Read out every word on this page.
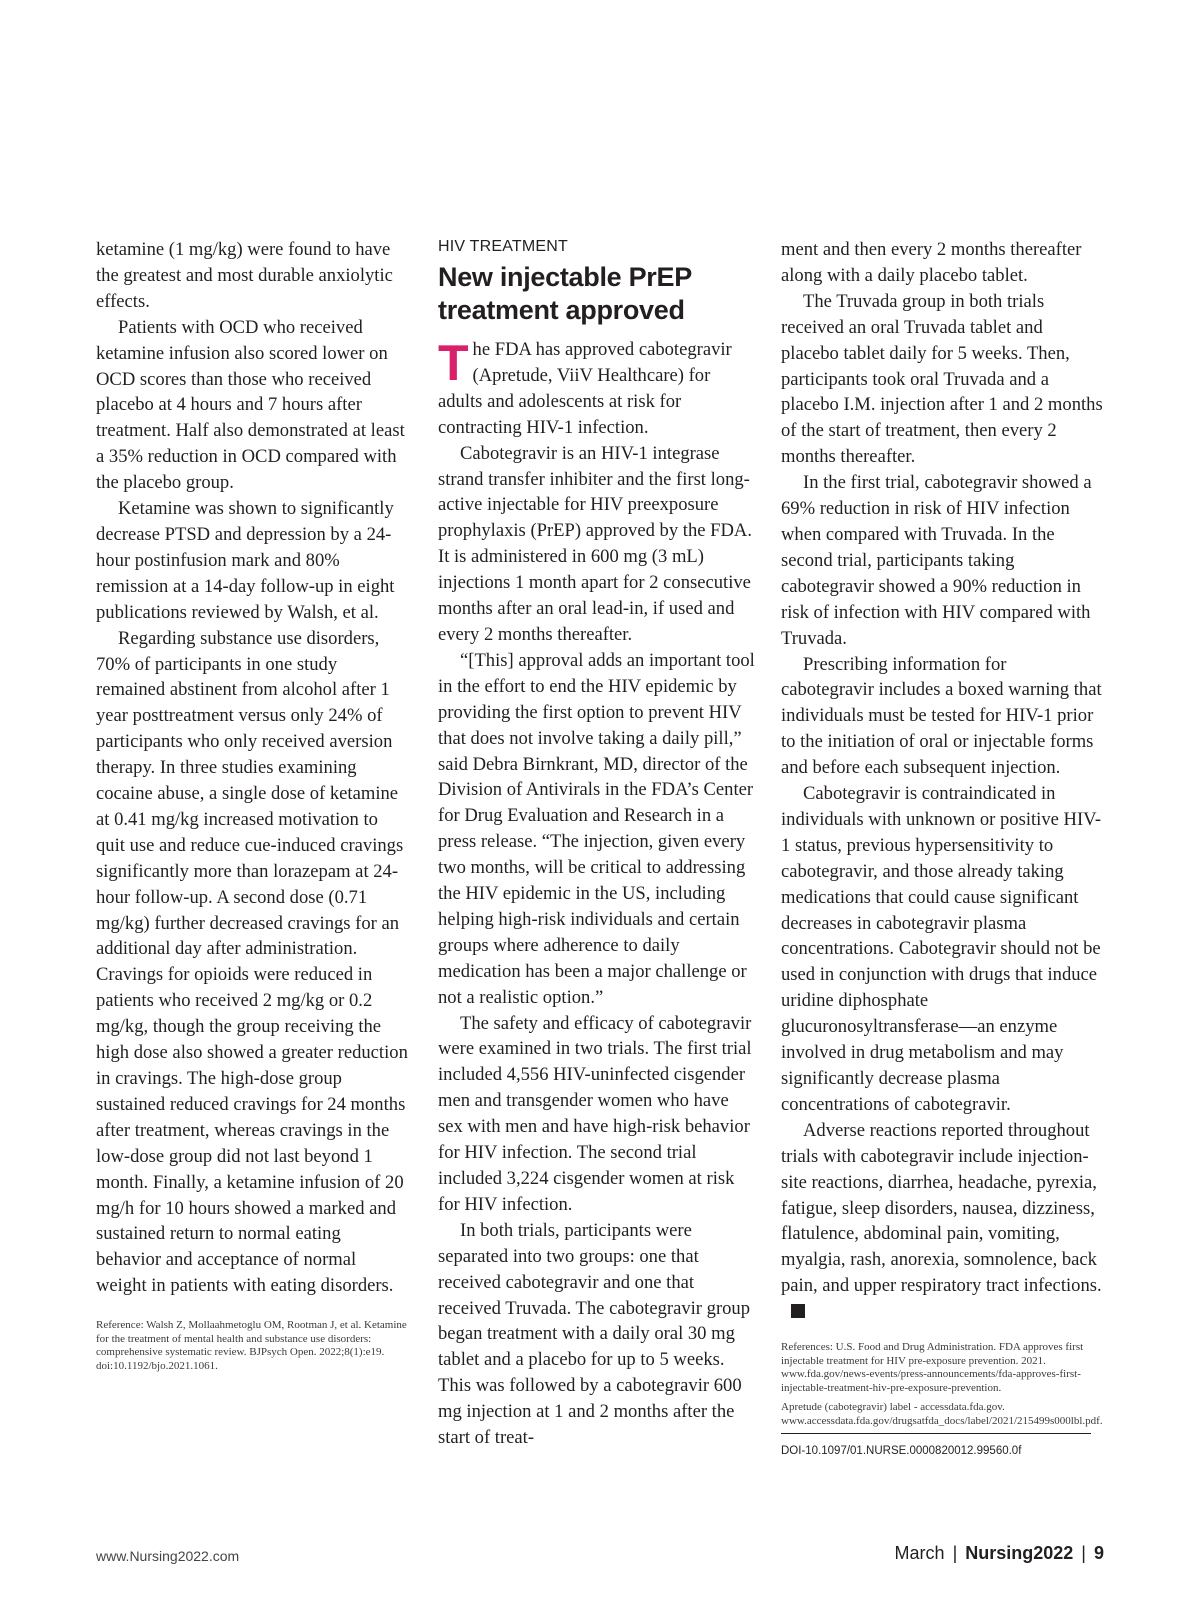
ketamine (1 mg/kg) were found to have the greatest and most durable anxiolytic effects.

Patients with OCD who received ketamine infusion also scored lower on OCD scores than those who received placebo at 4 hours and 7 hours after treatment. Half also demonstrated at least a 35% reduction in OCD compared with the placebo group.

Ketamine was shown to significantly decrease PTSD and depression by a 24-hour postinfusion mark and 80% remission at a 14-day follow-up in eight publications reviewed by Walsh, et al.

Regarding substance use disorders, 70% of participants in one study remained abstinent from alcohol after 1 year posttreatment versus only 24% of participants who only received aversion therapy. In three studies examining cocaine abuse, a single dose of ketamine at 0.41 mg/kg increased motivation to quit use and reduce cue-induced cravings significantly more than lorazepam at 24-hour follow-up. A second dose (0.71 mg/kg) further decreased cravings for an additional day after administration. Cravings for opioids were reduced in patients who received 2 mg/kg or 0.2 mg/kg, though the group receiving the high dose also showed a greater reduction in cravings. The high-dose group sustained reduced cravings for 24 months after treatment, whereas cravings in the low-dose group did not last beyond 1 month. Finally, a ketamine infusion of 20 mg/h for 10 hours showed a marked and sustained return to normal eating behavior and acceptance of normal weight in patients with eating disorders.

Reference: Walsh Z, Mollaahmetoglu OM, Rootman J, et al. Ketamine for the treatment of mental health and substance use disorders: comprehensive systematic review. BJPsych Open. 2022;8(1):e19. doi:10.1192/bjo.2021.1061.

HIV TREATMENT
New injectable PrEP treatment approved

The FDA has approved cabotegravir (Apretude, ViiV Healthcare) for adults and adolescents at risk for contracting HIV-1 infection.

Cabotegravir is an HIV-1 integrase strand transfer inhibiter and the first long-active injectable for HIV preexposure prophylaxis (PrEP) approved by the FDA. It is administered in 600 mg (3 mL) injections 1 month apart for 2 consecutive months after an oral lead-in, if used and every 2 months thereafter.

“[This] approval adds an important tool in the effort to end the HIV epidemic by providing the first option to prevent HIV that does not involve taking a daily pill,” said Debra Birnkrant, MD, director of the Division of Antivirals in the FDA’s Center for Drug Evaluation and Research in a press release. “The injection, given every two months, will be critical to addressing the HIV epidemic in the US, including helping high-risk individuals and certain groups where adherence to daily medication has been a major challenge or not a realistic option.”

The safety and efficacy of cabotegravir were examined in two trials. The first trial included 4,556 HIV-uninfected cisgender men and transgender women who have sex with men and have high-risk behavior for HIV infection. The second trial included 3,224 cisgender women at risk for HIV infection.

In both trials, participants were separated into two groups: one that received cabotegravir and one that received Truvada. The cabotegravir group began treatment with a daily oral 30 mg tablet and a placebo for up to 5 weeks. This was followed by a cabotegravir 600 mg injection at 1 and 2 months after the start of treat-

ment and then every 2 months thereafter along with a daily placebo tablet.

The Truvada group in both trials received an oral Truvada tablet and placebo tablet daily for 5 weeks. Then, participants took oral Truvada and a placebo I.M. injection after 1 and 2 months of the start of treatment, then every 2 months thereafter.

In the first trial, cabotegravir showed a 69% reduction in risk of HIV infection when compared with Truvada. In the second trial, participants taking cabotegravir showed a 90% reduction in risk of infection with HIV compared with Truvada.

Prescribing information for cabotegravir includes a boxed warning that individuals must be tested for HIV-1 prior to the initiation of oral or injectable forms and before each subsequent injection.

Cabotegravir is contraindicated in individuals with unknown or positive HIV-1 status, previous hypersensitivity to cabotegravir, and those already taking medications that could cause significant decreases in cabotegravir plasma concentrations. Cabotegravir should not be used in conjunction with drugs that induce uridine diphosphate glucuronosyltransferase—an enzyme involved in drug metabolism and may significantly decrease plasma concentrations of cabotegravir.

Adverse reactions reported throughout trials with cabotegravir include injection-site reactions, diarrhea, headache, pyrexia, fatigue, sleep disorders, nausea, dizziness, flatulence, abdominal pain, vomiting, myalgia, rash, anorexia, somnolence, back pain, and upper respiratory tract infections.

References: U.S. Food and Drug Administration. FDA approves first injectable treatment for HIV pre-exposure prevention. 2021. www.fda.gov/news-events/press-announcements/fda-approves-first-injectable-treatment-hiv-pre-exposure-prevention.

Apretude (cabotegravir) label - accessdata.fda.gov. www.accessdata.fda.gov/drugsatfda_docs/label/2021/215499s000lbl.pdf.

DOI-10.1097/01.NURSE.0000820012.99560.0f
www.Nursing2022.com	March | Nursing2022 | 9
